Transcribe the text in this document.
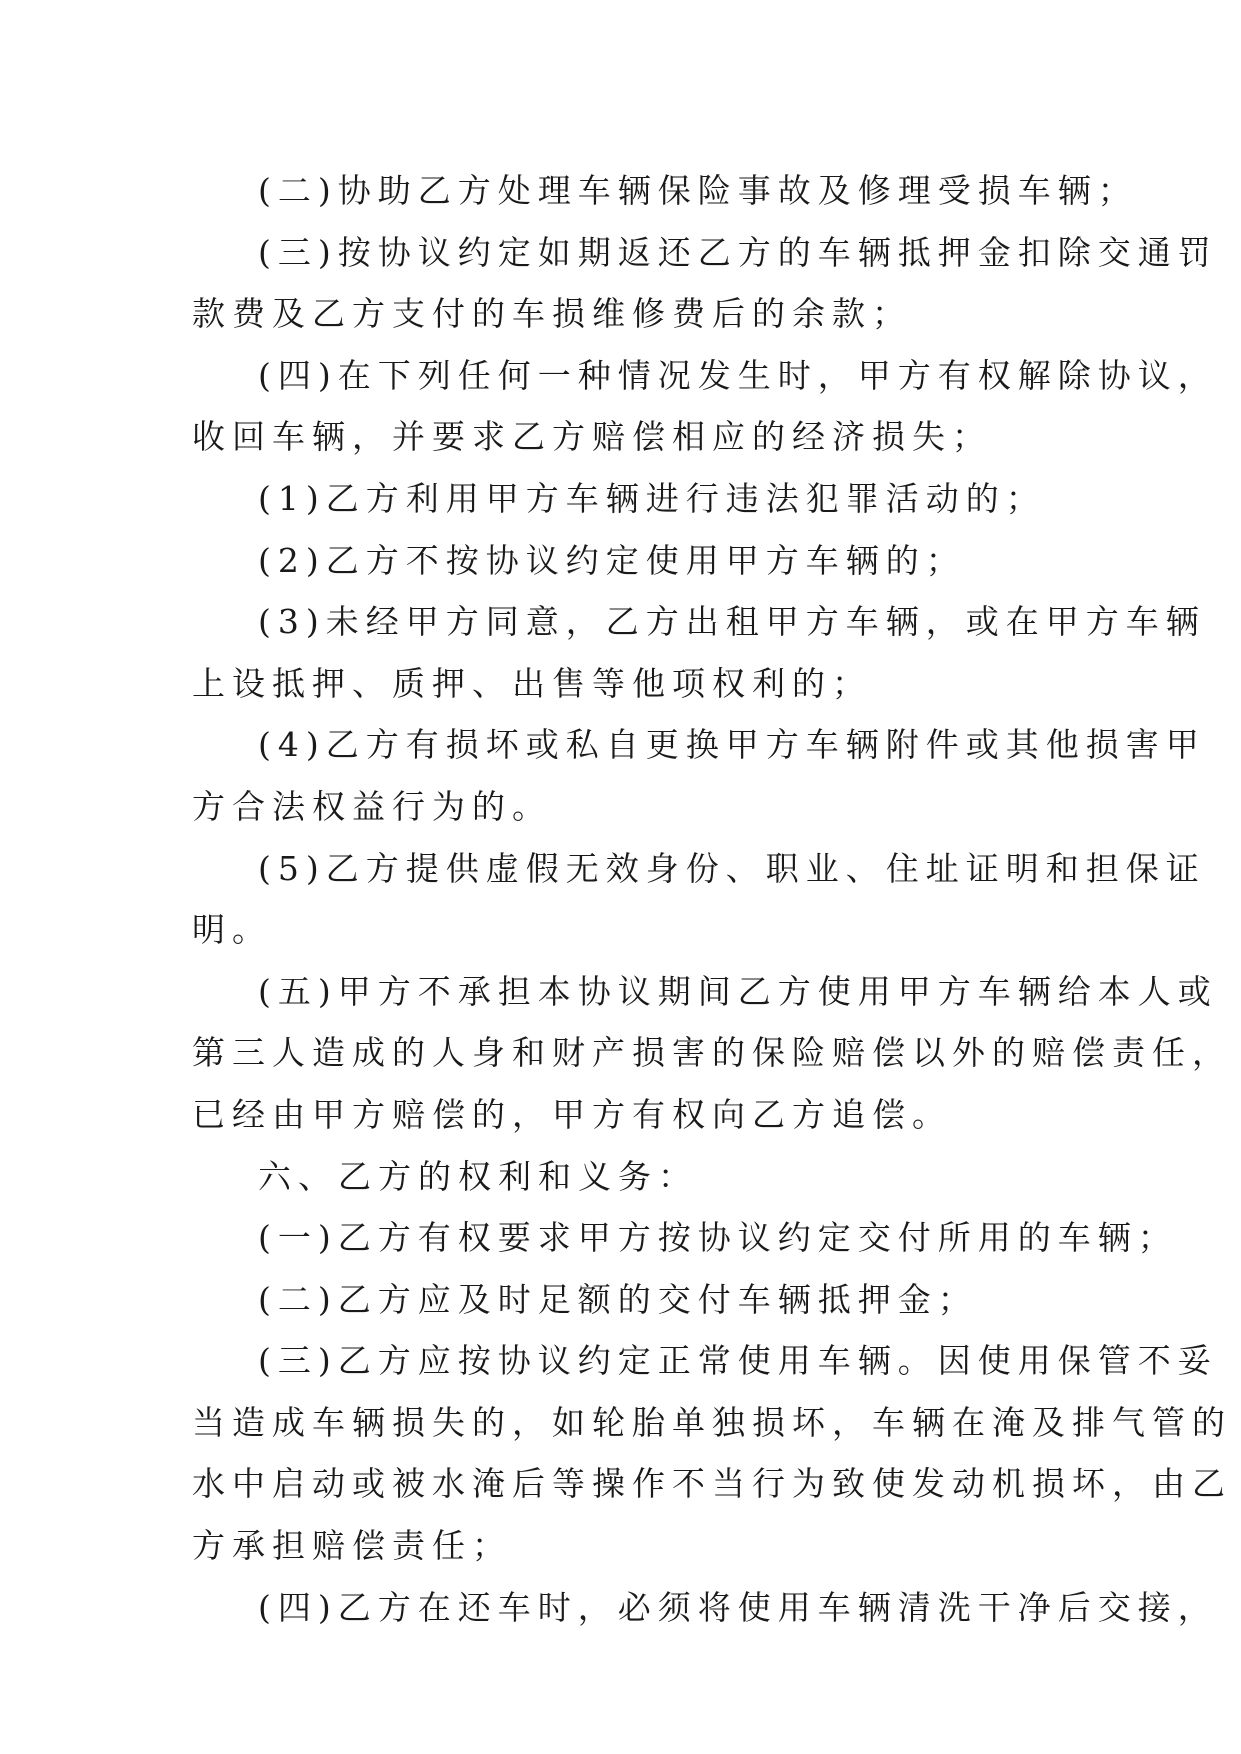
(二)协助乙方处理车辆保险事故及修理受损车辆；

(三)按协议约定如期返还乙方的车辆抵押金扣除交通罚
款费及乙方支付的车损维修费后的余款；

(四)在下列任何一种情况发生时，甲方有权解除协议，
收回车辆，并要求乙方赔偿相应的经济损失；

(1)乙方利用甲方车辆进行违法犯罪活动的；

(2)乙方不按协议约定使用甲方车辆的；

(3)未经甲方同意，乙方出租甲方车辆，或在甲方车辆
上设抵押、质押、出售等他项权利的；

(4)乙方有损坏或私自更换甲方车辆附件或其他损害甲
方合法权益行为的。

(5)乙方提供虚假无效身份、职业、住址证明和担保证
明。

(五)甲方不承担本协议期间乙方使用甲方车辆给本人或
第三人造成的人身和财产损害的保险赔偿以外的赔偿责任，
已经由甲方赔偿的，甲方有权向乙方追偿。

六、乙方的权利和义务：

(一)乙方有权要求甲方按协议约定交付所用的车辆；

(二)乙方应及时足额的交付车辆抵押金；

(三)乙方应按协议约定正常使用车辆。因使用保管不妥
当造成车辆损失的，如轮胎单独损坏，车辆在淹及排气管的
水中启动或被水淹后等操作不当行为致使发动机损坏，由乙
方承担赔偿责任；

(四)乙方在还车时，必须将使用车辆清洗干净后交接，
